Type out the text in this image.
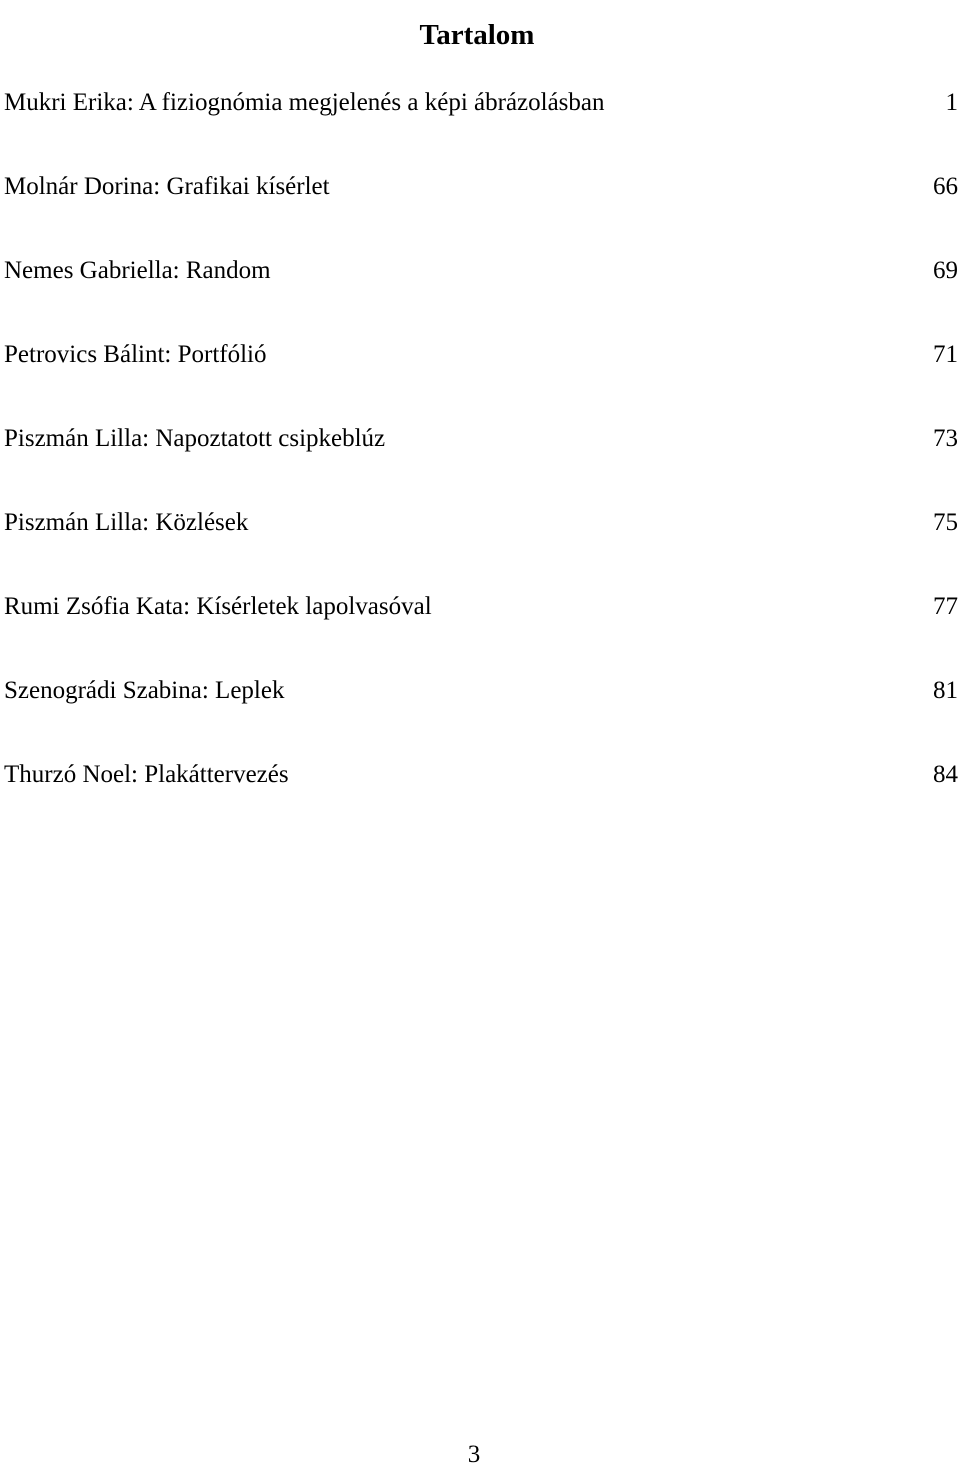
Tartalom
Mukri Erika: A fiziognómia megjelenés a képi ábrázolásban	1
Molnár Dorina: Grafikai kísérlet	66
Nemes Gabriella: Random	69
Petrovics Bálint: Portfólió	71
Piszmán Lilla: Napoztatott csipkeblúz	73
Piszmán Lilla: Közlések	75
Rumi Zsófia Kata: Kísérletek lapolvasóval	77
Szenográdi Szabina: Leplek	81
Thurzó Noel: Plakáttervezés	84
3
